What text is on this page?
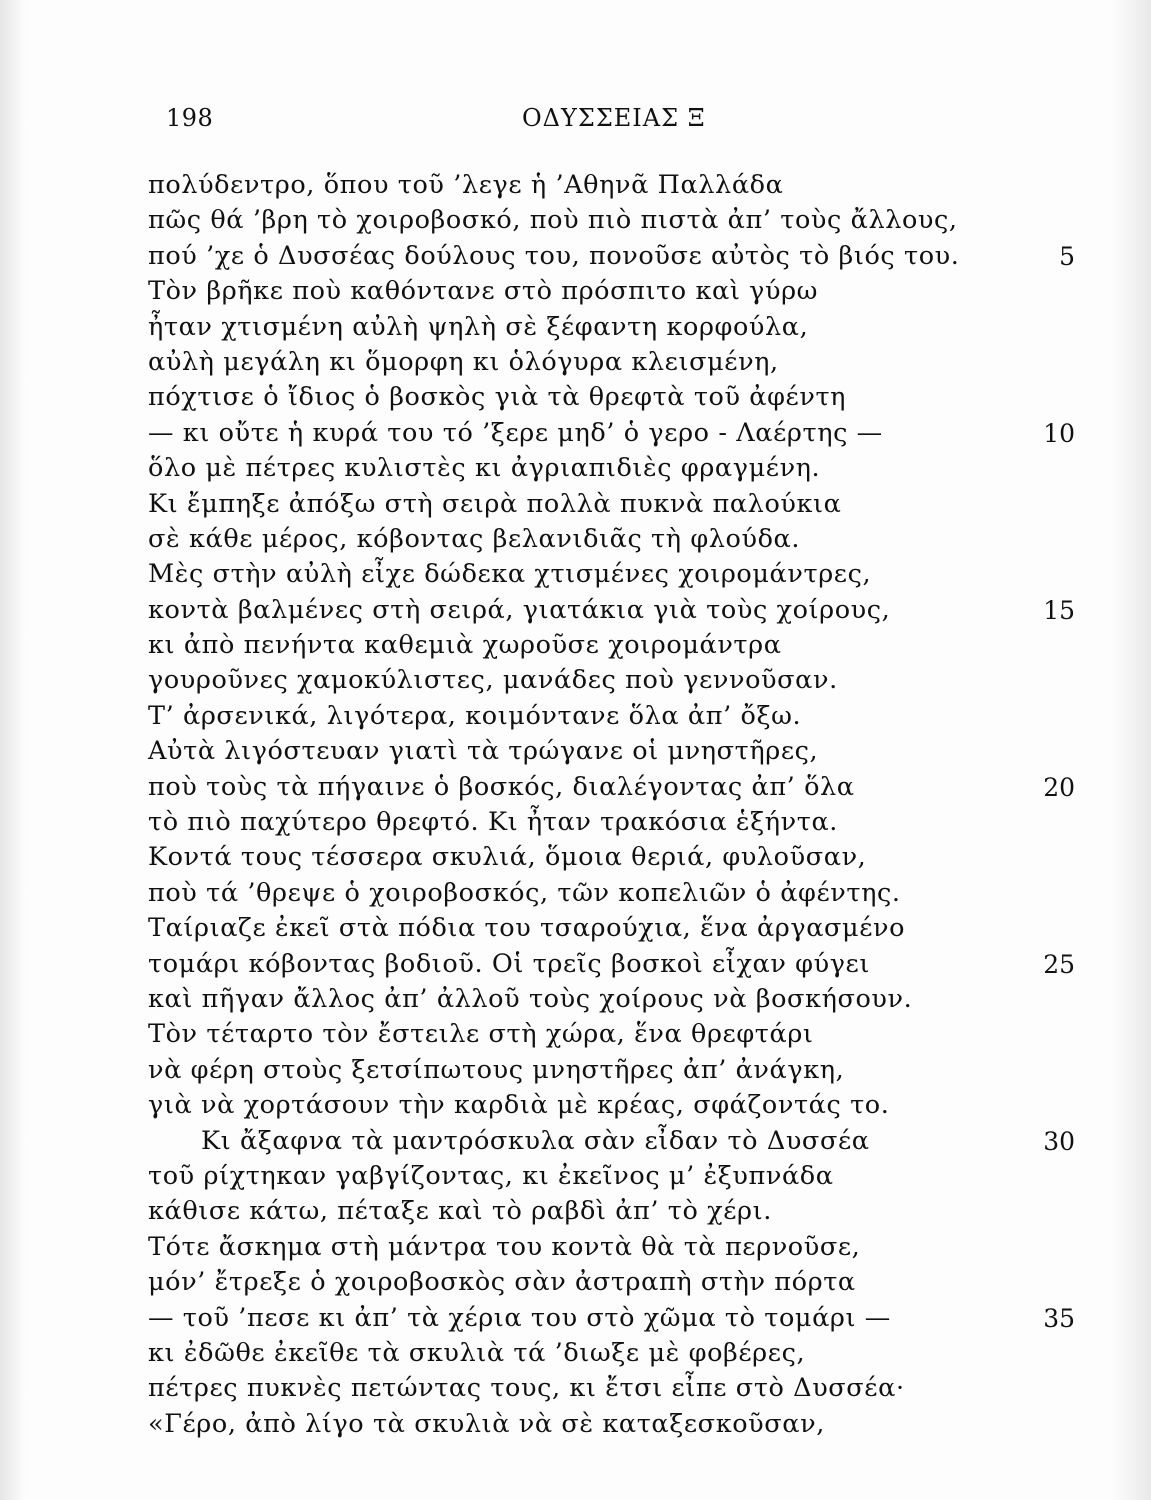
198	ΟΔΥΣΣΕΙΑΣ Ξ
πολύδεντρο, ὅπου τοῦ ’λεγε ἡ ’Αθηνᾶ Παλλάδα
πῶς θά ’βρη τὸ χοιροβοσκό, ποὺ πιὸ πιστὰ ἀπ’ τοὺς ἄλλους,
πού ’χε ὁ Δυσσέας δούλους του, πονοῦσε αὐτὸς τὸ βιός του.	5
Τὸν βρῆκε ποὺ καθόντανε στὸ πρόσπιτο καὶ γύρω
ἦταν χτισμένη αὐλὴ ψηλὴ σὲ ξέφαντη κορφούλα,
αὐλὴ μεγάλη κι ὅμορφη κι ὁλόγυρα κλεισμένη,
πόχτισε ὁ ἴδιος ὁ βοσκὸς γιὰ τὰ θρεφτὰ τοῦ ἀφέντη
— κι οὔτε ἡ κυρά του τό ’ξερε μηδ’ ὁ γερο - Λαέρτης —	10
ὅλο μὲ πέτρες κυλιστὲς κι ἀγριαπιδιὲς φραγμένη.
Κι ἔμπηξε ἀπόξω στὴ σειρὰ πολλὰ πυκνὰ παλούκια
σὲ κάθε μέρος, κόβοντας βελανιδιᾶς τὴ φλούδα.
Μὲς στὴν αὐλὴ εἶχε δώδεκα χτισμένες χοιρομάντρες,
κοντὰ βαλμένες στὴ σειρά, γιατάκια γιὰ τοὺς χοίρους,	15
κι ἀπὸ πενήντα καθεμιὰ χωροῦσε χοιρομάντρα
γουροῦνες χαμοκύλιστες, μανάδες ποὺ γεννοῦσαν.
Τ’ ἀρσενικά, λιγότερα, κοιμόντανε ὅλα ἀπ’ ὄξω.
Αὐτὰ λιγόστευαν γιατὶ τὰ τρώγανε οἱ μνηστῆρες,
ποὺ τοὺς τὰ πήγαινε ὁ βοσκός, διαλέγοντας ἀπ’ ὅλα	20
τὸ πιὸ παχύτερο θρεφτό. Κι ἦταν τρακόσια ἑξήντα.
Κοντά τους τέσσερα σκυλιά, ὅμοια θεριά, φυλοῦσαν,
ποὺ τά ’θρεψε ὁ χοιροβοσκός, τῶν κοπελιῶν ὁ ἀφέντης.
Ταίριαζε ἐκεῖ στὰ πόδια του τσαρούχια, ἕνα ἀργασμένο
τομάρι κόβοντας βοδιοῦ. Οἱ τρεῖς βοσκοὶ εἶχαν φύγει	25
καὶ πῆγαν ἄλλος ἀπ’ ἀλλοῦ τοὺς χοίρους νὰ βοσκήσουν.
Τὸν τέταρτο τὸν ἔστειλε στὴ χώρα, ἕνα θρεφτάρι
νὰ φέρη στοὺς ξετσίπωτους μνηστῆρες ἀπ’ ἀνάγκη,
γιὰ νὰ χορτάσουν τὴν καρδιὰ μὲ κρέας, σφάζοντάς το.
Κι ἄξαφνα τὰ μαντρόσκυλα σὰν εἶδαν τὸ Δυσσέα	30
τοῦ ρίχτηκαν γαβγίζοντας, κι ἐκεῖνος μ’ ἐξυπνάδα
κάθισε κάτω, πέταξε καὶ τὸ ραβδὶ ἀπ’ τὸ χέρι.
Τότε ἄσκημα στὴ μάντρα του κοντὰ θὰ τὰ περνοῦσε,
μόν’ ἔτρεξε ὁ χοιροβοσκὸς σὰν ἀστραπὴ στὴν πόρτα
— τοῦ ’πεσε κι ἀπ’ τὰ χέρια του στὸ χῶμα τὸ τομάρι —	35
κι ἐδῶθε ἐκεῖθε τὰ σκυλιὰ τά ’διωξε μὲ φοβέρες,
πέτρες πυκνὲς πετώντας τους, κι ἔτσι εἶπε στὸ Δυσσέα·
«Γέρο, ἀπὸ λίγο τὰ σκυλιὰ νὰ σὲ καταξεσκοῦσαν,
